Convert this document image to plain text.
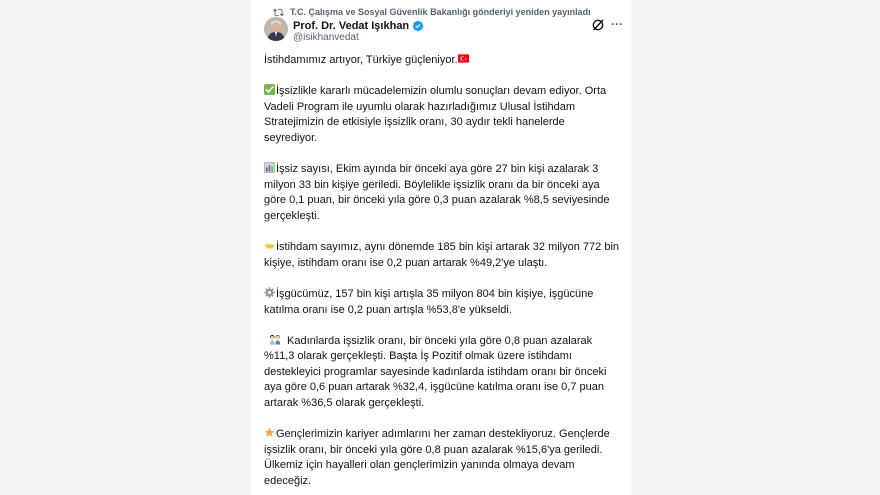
T.C. Çalışma ve Sosyal Güvenlik Bakanlığı gönderiyi yeniden yayınladı
Prof. Dr. Vedat Işıkhan
@isikhanvedat
···

İstihdamımız artıyor, Türkiye güçleniyor.

İşsizlikle kararlı mücadelemizin olumlu sonuçları devam ediyor. Orta Vadeli Program ile uyumlu olarak hazırladığımız Ulusal İstihdam Stratejimizin de etkisiyle işsizlik oranı, 30 aydır tekli hanelerde seyrediyor.

İşsiz sayısı, Ekim ayında bir önceki aya göre 27 bin kişi azalarak 3 milyon 33 bin kişiye geriledi. Böylelikle işsizlik oranı da bir önceki aya göre 0,1 puan, bir önceki yıla göre 0,3 puan azalarak %8,5 seviyesinde gerçekleşti.

İstihdam sayımız, aynı dönemde 185 bin kişi artarak 32 milyon 772 bin kişiye, istihdam oranı ise 0,2 puan artarak %49,2'ye ulaştı.

İşgücümüz, 157 bin kişi artışla 35 milyon 804 bin kişiye, işgücüne katılma oranı ise 0,2 puan artışla %53,8'e yükseldi.

Kadınlarda işsizlik oranı, bir önceki yıla göre 0,8 puan azalarak %11,3 olarak gerçekleşti. Başta İş Pozitif olmak üzere istihdamı destekleyici programlar sayesinde kadınlarda istihdam oranı bir önceki aya göre 0,6 puan artarak %32,4, işgücüne katılma oranı ise 0,7 puan artarak %36,5 olarak gerçekleşti.

Gençlerimizin kariyer adımlarını her zaman destekliyoruz. Gençlerde işsizlik oranı, bir önceki yıla göre 0,8 puan azalarak %15,6'ya geriledi. Ülkemiz için hayalleri olan gençlerimizin yanında olmaya devam edeceğiz.
